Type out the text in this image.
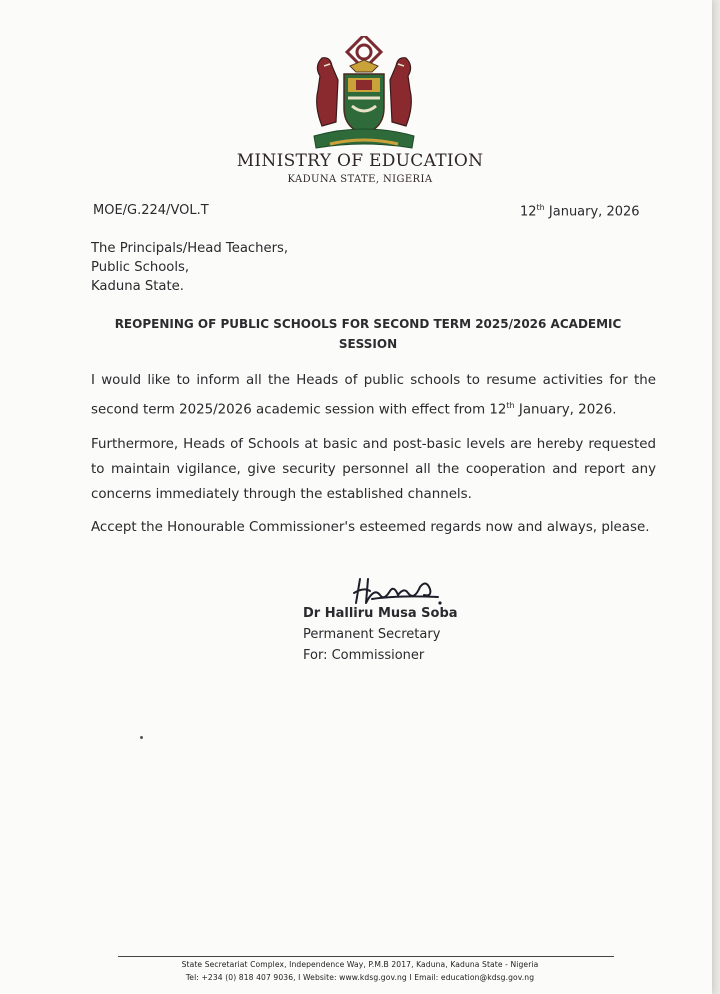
MINISTRY OF EDUCATION
KADUNA STATE, NIGERIA
MOE/G.224/VOL.T	12th January, 2026
The Principals/Head Teachers,
Public Schools,
Kaduna State.
REOPENING OF PUBLIC SCHOOLS FOR SECOND TERM 2025/2026 ACADEMIC SESSION
I would like to inform all the Heads of public schools to resume activities for the second term 2025/2026 academic session with effect from 12th January, 2026.
Furthermore, Heads of Schools at basic and post-basic levels are hereby requested to maintain vigilance, give security personnel all the cooperation and report any concerns immediately through the established channels.
Accept the Honourable Commissioner's esteemed regards now and always, please.
Dr Halliru Musa Soba
Permanent Secretary
For: Commissioner
State Secretariat Complex, Independence Way, P.M.B 2017, Kaduna, Kaduna State - Nigeria
Tel: +234 (0) 818 407 9036, I Website: www.kdsg.gov.ng I Email: education@kdsg.gov.ng
